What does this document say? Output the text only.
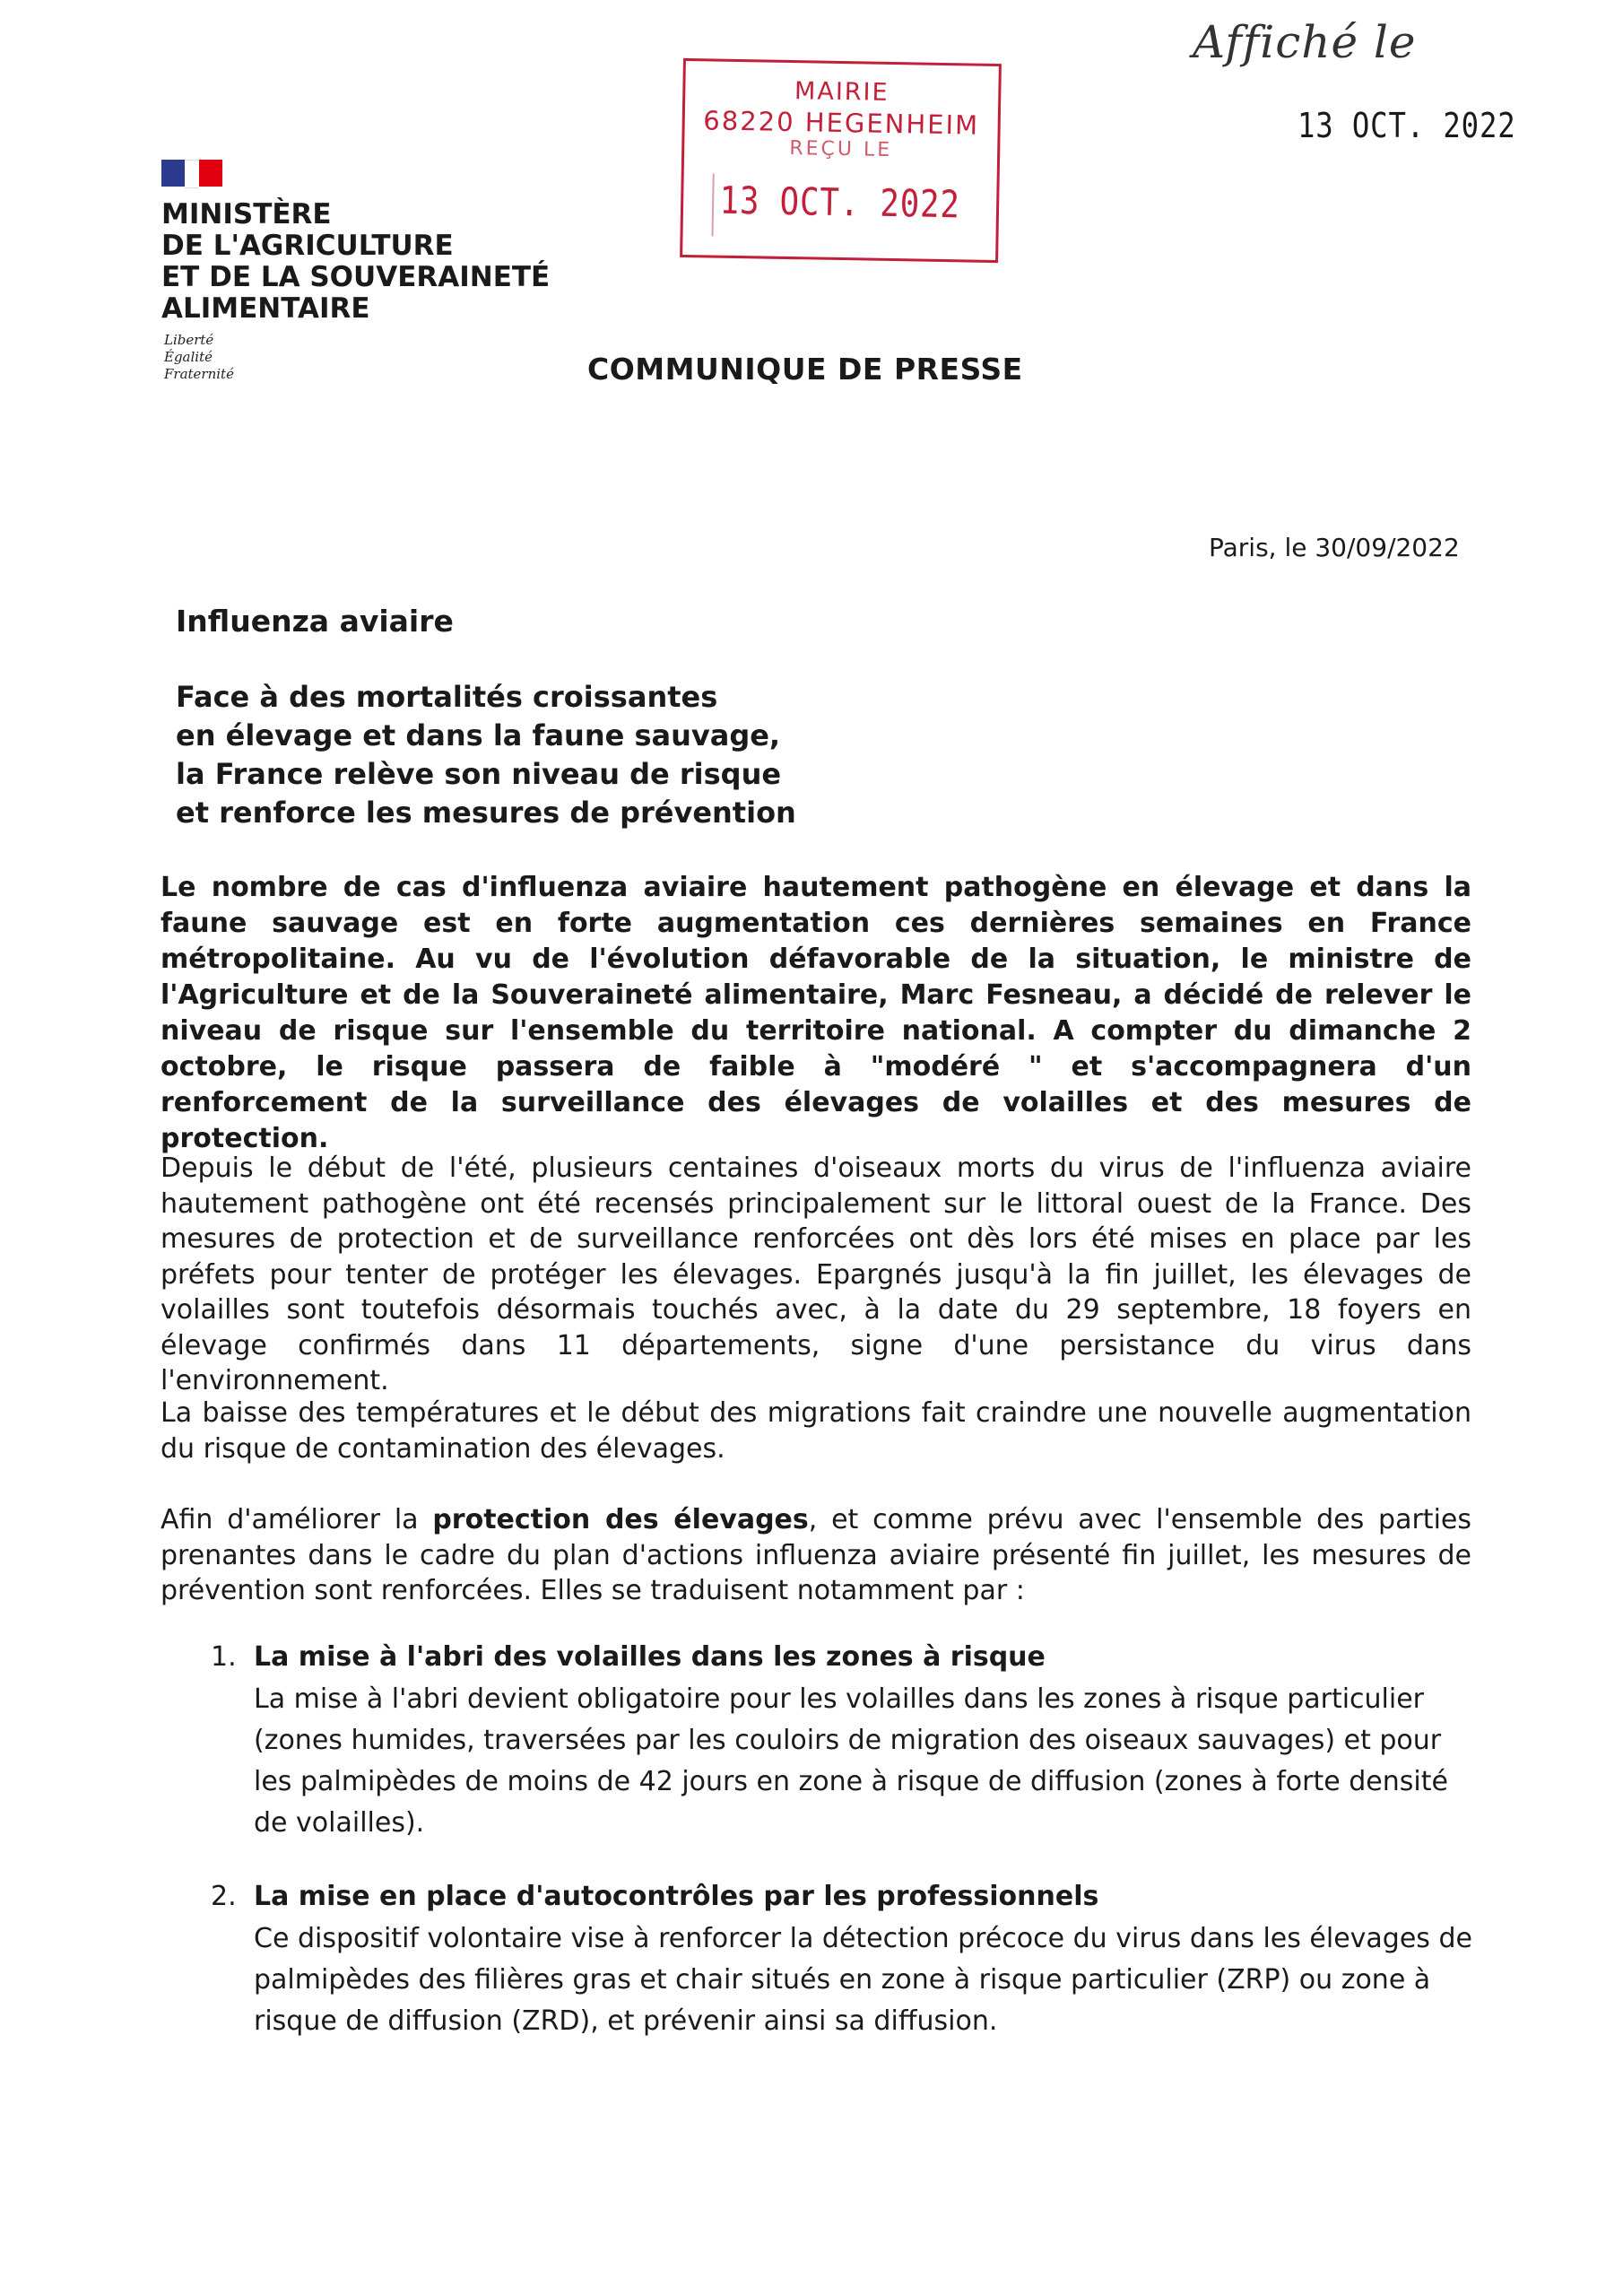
MINISTÈRE
DE L'AGRICULTURE
ET DE LA SOUVERAINETÉ
ALIMENTAIRE
Liberté
Égalité
Fraternité
MAIRIE
68220 HEGENHEIM
REÇU LE
13 OCT. 2022
Affiché le
13 OCT. 2022
COMMUNIQUE DE PRESSE
Paris, le 30/09/2022
Influenza aviaire
Face à des mortalités croissantes
en élevage et dans la faune sauvage,
la France relève son niveau de risque
et renforce les mesures de prévention
Le nombre de cas d'influenza aviaire hautement pathogène en élevage et dans la faune sauvage est en forte augmentation ces dernières semaines en France métropolitaine. Au vu de l'évolution défavorable de la situation, le ministre de l'Agriculture et de la Souveraineté alimentaire, Marc Fesneau, a décidé de relever le niveau de risque sur l'ensemble du territoire national. A compter du dimanche 2 octobre, le risque passera de faible à "modéré " et s'accompagnera d'un renforcement de la surveillance des élevages de volailles et des mesures de protection.
Depuis le début de l'été, plusieurs centaines d'oiseaux morts du virus de l'influenza aviaire hautement pathogène ont été recensés principalement sur le littoral ouest de la France. Des mesures de protection et de surveillance renforcées ont dès lors été mises en place par les préfets pour tenter de protéger les élevages. Epargnés jusqu'à la fin juillet, les élevages de volailles sont toutefois désormais touchés avec, à la date du 29 septembre, 18 foyers en élevage confirmés dans 11 départements, signe d'une persistance du virus dans l'environnement.
La baisse des températures et le début des migrations fait craindre une nouvelle augmentation du risque de contamination des élevages.
Afin d'améliorer la protection des élevages, et comme prévu avec l'ensemble des parties prenantes dans le cadre du plan d'actions influenza aviaire présenté fin juillet, les mesures de prévention sont renforcées. Elles se traduisent notamment par :
1. La mise à l'abri des volailles dans les zones à risque
La mise à l'abri devient obligatoire pour les volailles dans les zones à risque particulier (zones humides, traversées par les couloirs de migration des oiseaux sauvages) et pour les palmipèdes de moins de 42 jours en zone à risque de diffusion (zones à forte densité de volailles).
2. La mise en place d'autocontrôles par les professionnels
Ce dispositif volontaire vise à renforcer la détection précoce du virus dans les élevages de palmipèdes des filières gras et chair situés en zone à risque particulier (ZRP) ou zone à risque de diffusion (ZRD), et prévenir ainsi sa diffusion.
